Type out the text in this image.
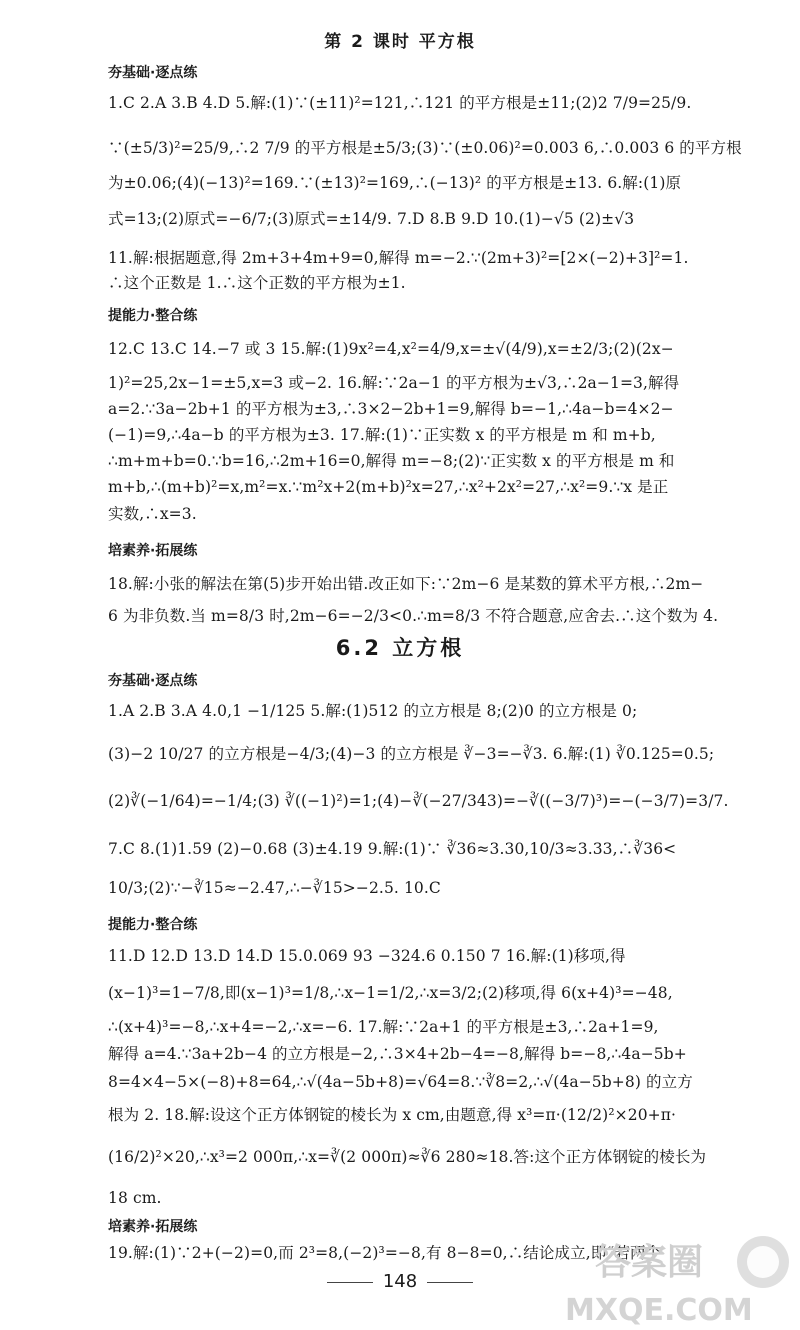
第 2 课时 平方根
夯基础·逐点练
1.C 2.A 3.B 4.D 5.解:(1)∵(±11)²=121,∴121 的平方根是±11;(2)2 7/9=25/9.
∵(±5/3)²=25/9,∴2 7/9 的平方根是±5/3;(3)∵(±0.06)²=0.003 6,∴0.003 6 的平方根
为±0.06;(4)(−13)²=169.∵(±13)²=169,∴(−13)² 的平方根是±13. 6.解:(1)原
式=13;(2)原式=−6/7;(3)原式=±14/9. 7.D 8.B 9.D 10.(1)−√5 (2)±√3
11.解:根据题意,得 2m+3+4m+9=0,解得 m=−2.∵(2m+3)²=[2×(−2)+3]²=1.
∴这个正数是 1.∴这个正数的平方根为±1.
提能力·整合练
12.C 13.C 14.−7 或 3 15.解:(1)9x²=4,x²=4/9,x=±√(4/9),x=±2/3;(2)(2x−
1)²=25,2x−1=±5,x=3 或−2. 16.解:∵2a−1 的平方根为±√3,∴2a−1=3,解得
a=2.∵3a−2b+1 的平方根为±3,∴3×2−2b+1=9,解得 b=−1,∴4a−b=4×2−
(−1)=9,∴4a−b 的平方根为±3. 17.解:(1)∵正实数 x 的平方根是 m 和 m+b,
∴m+m+b=0.∵b=16,∴2m+16=0,解得 m=−8;(2)∵正实数 x 的平方根是 m 和
m+b,∴(m+b)²=x,m²=x.∵m²x+2(m+b)²x=27,∴x²+2x²=27,∴x²=9.∵x 是正
实数,∴x=3.
培素养·拓展练
18.解:小张的解法在第(5)步开始出错.改正如下:∵2m−6 是某数的算术平方根,∴2m−
6 为非负数.当 m=8/3 时,2m−6=−2/3<0.∴m=8/3 不符合题意,应舍去.∴这个数为 4.
6.2 立方根
夯基础·逐点练
1.A 2.B 3.A 4.0,1 −1/125 5.解:(1)512 的立方根是 8;(2)0 的立方根是 0;
(3)−2 10/27 的立方根是−4/3;(4)−3 的立方根是 ∛−3=−∛3. 6.解:(1) ∛0.125=0.5;
(2)∛(−1/64)=−1/4;(3) ∛((−1)²)=1;(4)−∛(−27/343)=−∛((−3/7)³)=−(−3/7)=3/7.
7.C 8.(1)1.59 (2)−0.68 (3)±4.19 9.解:(1)∵ ∛36≈3.30,10/3≈3.33,∴∛36<
10/3;(2)∵−∛15≈−2.47,∴−∛15>−2.5. 10.C
提能力·整合练
11.D 12.D 13.D 14.D 15.0.069 93 −324.6 0.150 7 16.解:(1)移项,得
(x−1)³=1−7/8,即(x−1)³=1/8,∴x−1=1/2,∴x=3/2;(2)移项,得 6(x+4)³=−48,
∴(x+4)³=−8,∴x+4=−2,∴x=−6. 17.解:∵2a+1 的平方根是±3,∴2a+1=9,
解得 a=4.∵3a+2b−4 的立方根是−2,∴3×4+2b−4=−8,解得 b=−8,∴4a−5b+
8=4×4−5×(−8)+8=64,∴√(4a−5b+8)=√64=8.∵∛8=2,∴√(4a−5b+8) 的立方
根为 2. 18.解:设这个正方体钢锭的棱长为 x cm,由题意,得 x³=π·(12/2)²×20+π·
(16/2)²×20,∴x³=2 000π,∴x=∛(2 000π)≈∛6 280≈18.答:这个正方体钢锭的棱长为
18 cm.
培素养·拓展练
19.解:(1)∵2+(−2)=0,而 2³=8,(−2)³=−8,有 8−8=0,∴结论成立,即“若两个
148	答案圈
MXQE.COM
